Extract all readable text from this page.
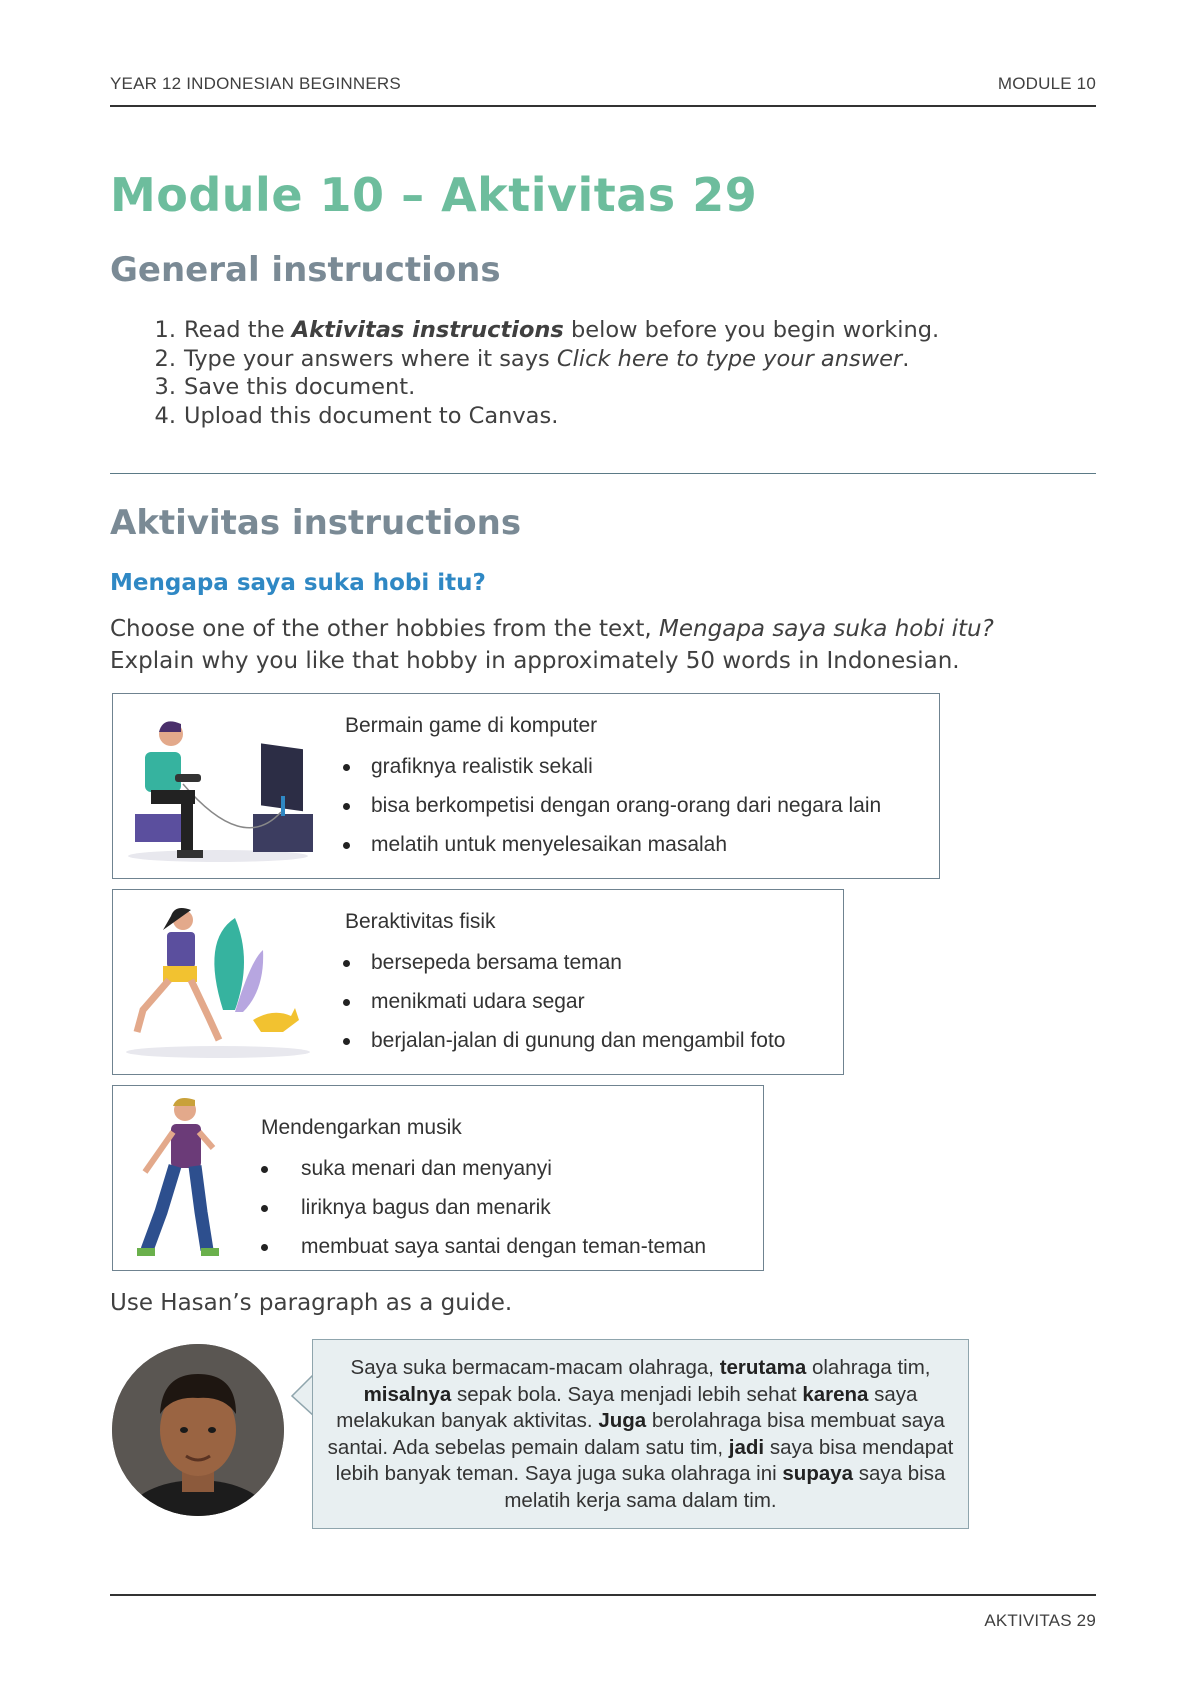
YEAR 12 INDONESIAN BEGINNERS	MODULE 10
Module 10 – Aktivitas 29
General instructions
1. Read the Aktivitas instructions below before you begin working.
2. Type your answers where it says Click here to type your answer.
3. Save this document.
4. Upload this document to Canvas.
Aktivitas instructions
Mengapa saya suka hobi itu?
Choose one of the other hobbies from the text, Mengapa saya suka hobi itu?
Explain why you like that hobby in approximately 50 words in Indonesian.
Bermain game di komputer
grafiknya realistik sekali
bisa berkompetisi dengan orang-orang dari negara lain
melatih untuk menyelesaikan masalah
Beraktivitas fisik
bersepeda bersama teman
menikmati udara segar
berjalan-jalan di gunung dan mengambil foto
Mendengarkan musik
suka menari dan menyanyi
liriknya bagus dan menarik
membuat saya santai dengan teman-teman
Use Hasan’s paragraph as a guide.
Saya suka bermacam-macam olahraga, terutama olahraga tim, misalnya sepak bola. Saya menjadi lebih sehat karena saya melakukan banyak aktivitas. Juga berolahraga bisa membuat saya santai. Ada sebelas pemain dalam satu tim, jadi saya bisa mendapat lebih banyak teman. Saya juga suka olahraga ini supaya saya bisa melatih kerja sama dalam tim.
AKTIVITAS 29
